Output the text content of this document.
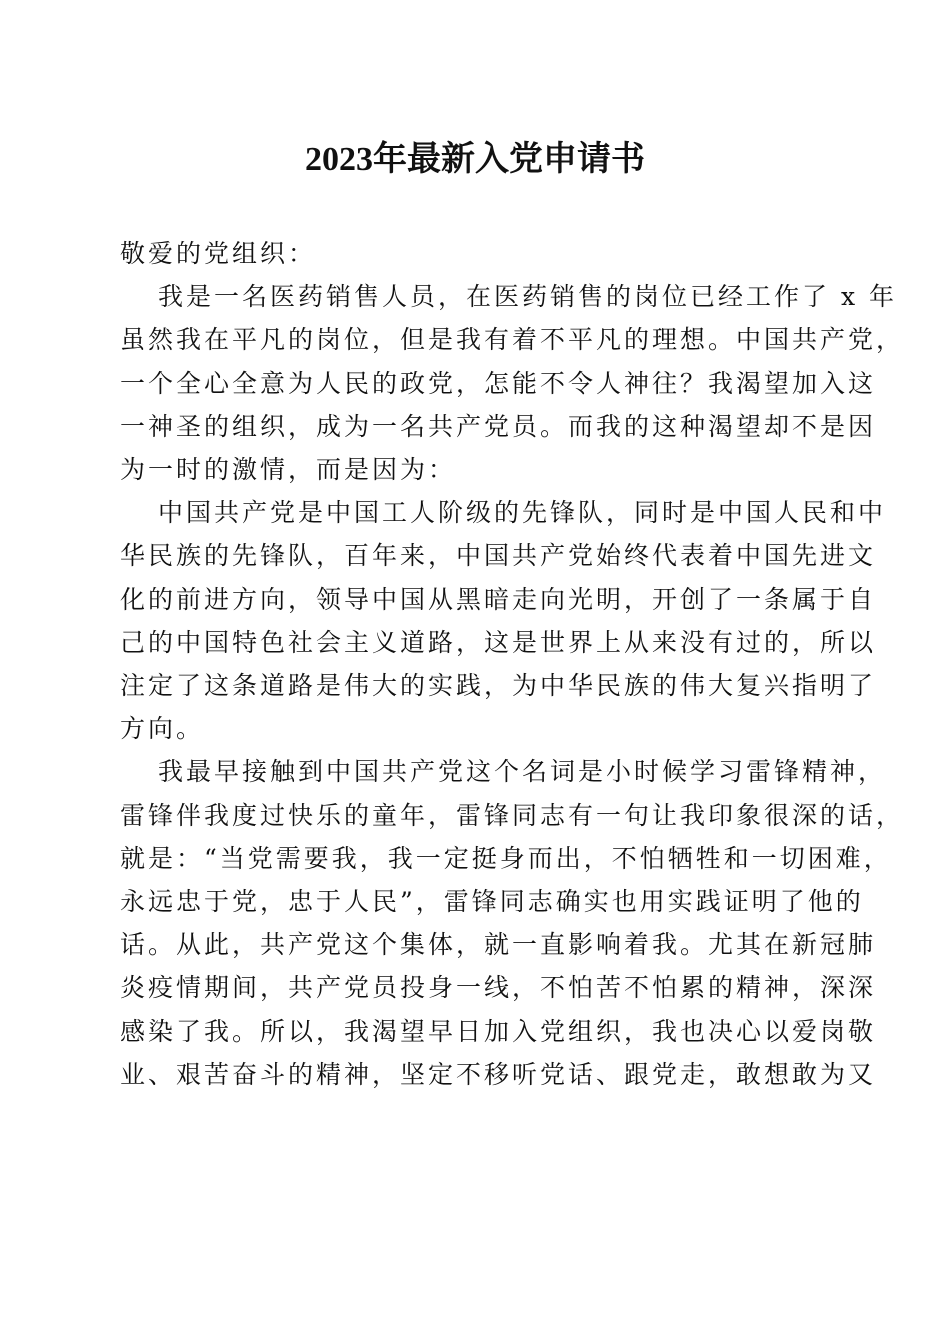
2023年最新入党申请书

敬爱的党组织：

我是一名医药销售人员，在医药销售的岗位已经工作了 x 年
虽然我在平凡的岗位，但是我有着不平凡的理想。中国共产党，
一个全心全意为人民的政党，怎能不令人神往？我渴望加入这
一神圣的组织，成为一名共产党员。而我的这种渴望却不是因
为一时的激情，而是因为：

中国共产党是中国工人阶级的先锋队，同时是中国人民和中
华民族的先锋队，百年来，中国共产党始终代表着中国先进文
化的前进方向，领导中国从黑暗走向光明，开创了一条属于自
己的中国特色社会主义道路，这是世界上从来没有过的，所以
注定了这条道路是伟大的实践，为中华民族的伟大复兴指明了
方向。

我最早接触到中国共产党这个名词是小时候学习雷锋精神，
雷锋伴我度过快乐的童年，雷锋同志有一句让我印象很深的话，
就是：“当党需要我，我一定挺身而出，不怕牺牲和一切困难，
永远忠于党，忠于人民”，雷锋同志确实也用实践证明了他的
话。从此，共产党这个集体，就一直影响着我。尤其在新冠肺
炎疫情期间，共产党员投身一线，不怕苦不怕累的精神，深深
感染了我。所以，我渴望早日加入党组织，我也决心以爱岗敬
业、艰苦奋斗的精神，坚定不移听党话、跟党走，敢想敢为又
